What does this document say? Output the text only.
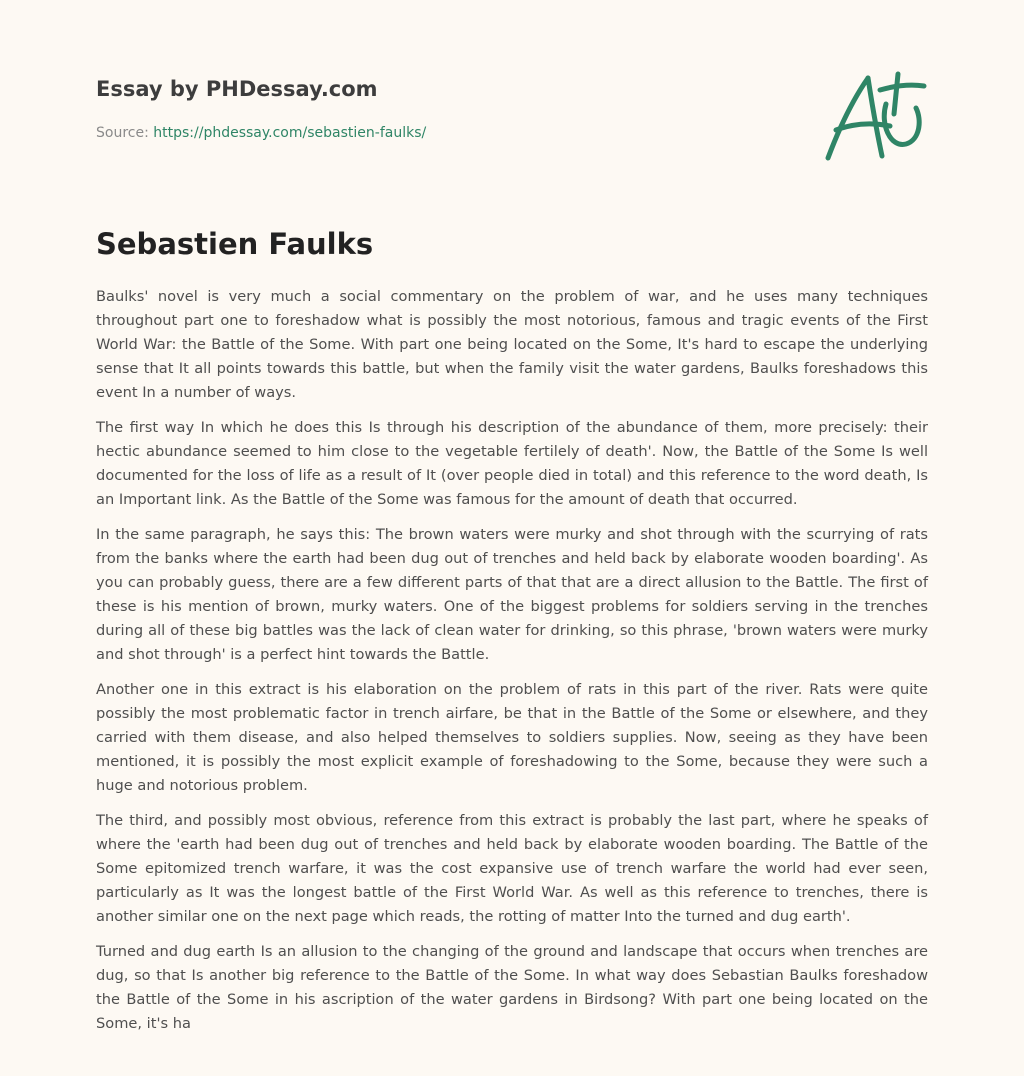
Essay by PHDessay.com
Source: https://phdessay.com/sebastien-faulks/
Sebastien Faulks

Baulks' novel is very much a social commentary on the problem of war, and he uses many techniques throughout part one to foreshadow what is possibly the most notorious, famous and tragic events of the First World War: the Battle of the Some. With part one being located on the Some, It's hard to escape the underlying sense that It all points towards this battle, but when the family visit the water gardens, Baulks foreshadows this event In a number of ways.

The first way In which he does this Is through his description of the abundance of them, more precisely: their hectic abundance seemed to him close to the vegetable fertilely of death'. Now, the Battle of the Some Is well documented for the loss of life as a result of It (over people died in total) and this reference to the word death, Is an Important link. As the Battle of the Some was famous for the amount of death that occurred.

In the same paragraph, he says this: The brown waters were murky and shot through with the scurrying of rats from the banks where the earth had been dug out of trenches and held back by elaborate wooden boarding'. As you can probably guess, there are a few different parts of that that are a direct allusion to the Battle. The first of these is his mention of brown, murky waters. One of the biggest problems for soldiers serving in the trenches during all of these big battles was the lack of clean water for drinking, so this phrase, 'brown waters were murky and shot through' is a perfect hint towards the Battle.

Another one in this extract is his elaboration on the problem of rats in this part of the river. Rats were quite possibly the most problematic factor in trench airfare, be that in the Battle of the Some or elsewhere, and they carried with them disease, and also helped themselves to soldiers supplies. Now, seeing as they have been mentioned, it is possibly the most explicit example of foreshadowing to the Some, because they were such a huge and notorious problem.

The third, and possibly most obvious, reference from this extract is probably the last part, where he speaks of where the 'earth had been dug out of trenches and held back by elaborate wooden boarding. The Battle of the Some epitomized trench warfare, it was the cost expansive use of trench warfare the world had ever seen, particularly as It was the longest battle of the First World War. As well as this reference to trenches, there is another similar one on the next page which reads, the rotting of matter Into the turned and dug earth'.

Turned and dug earth Is an allusion to the changing of the ground and landscape that occurs when trenches are dug, so that Is another big reference to the Battle of the Some. In what way does Sebastian Baulks foreshadow the Battle of the Some in his ascription of the water gardens in Birdsong? With part one being located on the Some, it's ha
